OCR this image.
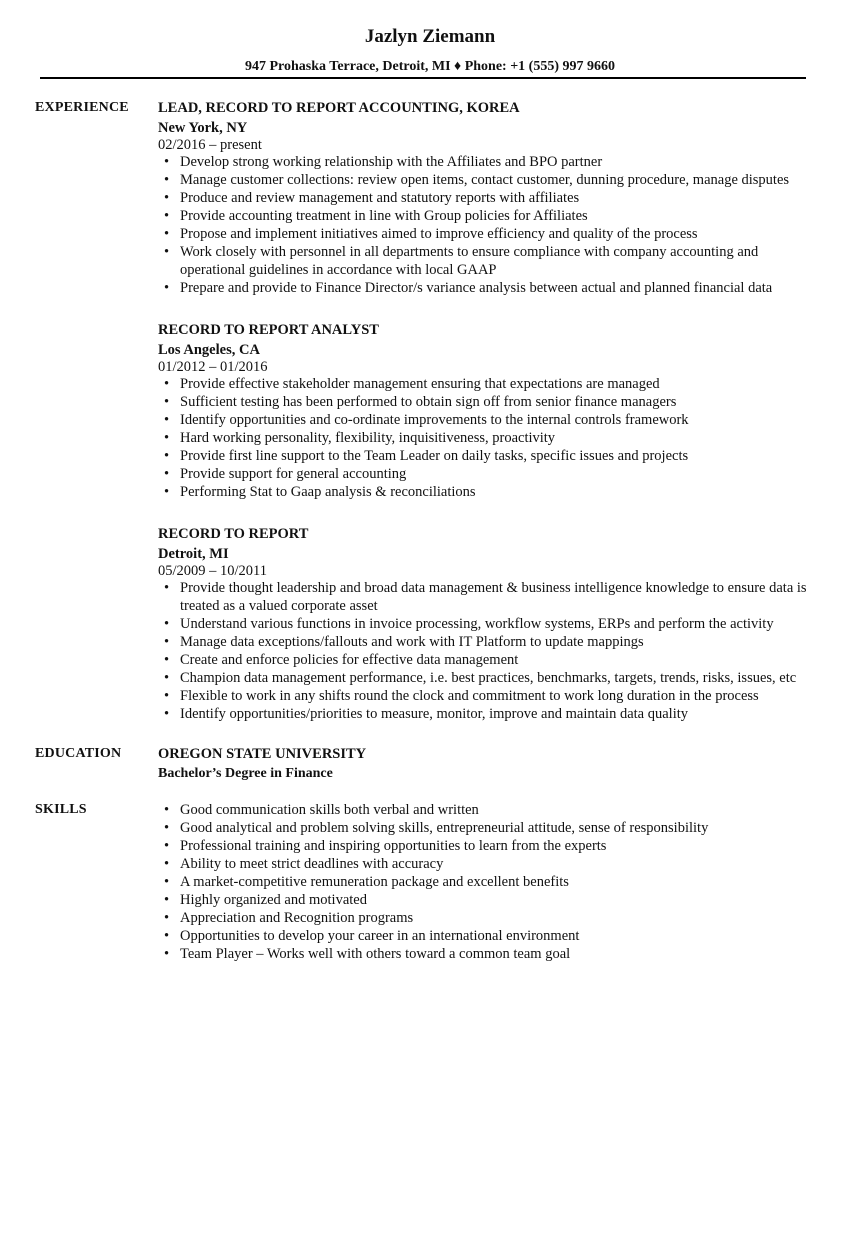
Jazlyn Ziemann
947 Prohaska Terrace, Detroit, MI ♦ Phone: +1 (555) 997 9660
EXPERIENCE LEAD, RECORD TO REPORT ACCOUNTING, KOREA
New York, NY
02/2016 – present
• Develop strong working relationship with the Affiliates and BPO partner
• Manage customer collections: review open items, contact customer, dunning procedure, manage disputes
• Produce and review management and statutory reports with affiliates
• Provide accounting treatment in line with Group policies for Affiliates
• Propose and implement initiatives aimed to improve efficiency and quality of the process
• Work closely with personnel in all departments to ensure compliance with company accounting and operational guidelines in accordance with local GAAP
• Prepare and provide to Finance Director/s variance analysis between actual and planned financial data
RECORD TO REPORT ANALYST
Los Angeles, CA
01/2012 – 01/2016
• Provide effective stakeholder management ensuring that expectations are managed
• Sufficient testing has been performed to obtain sign off from senior finance managers
• Identify opportunities and co-ordinate improvements to the internal controls framework
• Hard working personality, flexibility, inquisitiveness, proactivity
• Provide first line support to the Team Leader on daily tasks, specific issues and projects
• Provide support for general accounting
• Performing Stat to Gaap analysis & reconciliations
RECORD TO REPORT
Detroit, MI
05/2009 – 10/2011
• Provide thought leadership and broad data management & business intelligence knowledge to ensure data is treated as a valued corporate asset
• Understand various functions in invoice processing, workflow systems, ERPs and perform the activity
• Manage data exceptions/fallouts and work with IT Platform to update mappings
• Create and enforce policies for effective data management
• Champion data management performance, i.e. best practices, benchmarks, targets, trends, risks, issues, etc
• Flexible to work in any shifts round the clock and commitment to work long duration in the process
• Identify opportunities/priorities to measure, monitor, improve and maintain data quality
EDUCATION	OREGON STATE UNIVERSITY
Bachelor’s Degree in Finance
SKILLS
•	Good communication skills both verbal and written
• Good analytical and problem solving skills, entrepreneurial attitude, sense of responsibility
• Professional training and inspiring opportunities to learn from the experts
• Ability to meet strict deadlines with accuracy
• A market-competitive remuneration package and excellent benefits
• Highly organized and motivated
• Appreciation and Recognition programs
• Opportunities to develop your career in an international environment
• Team Player – Works well with others toward a common team goal
